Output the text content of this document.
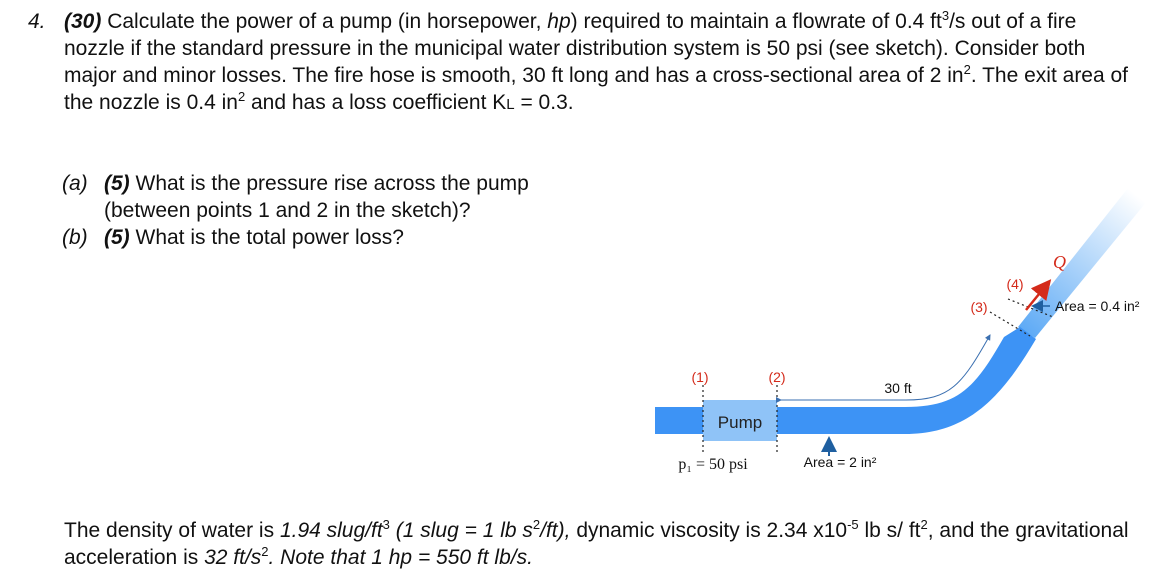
4. (30) Calculate the power of a pump (in horsepower, hp) required to maintain a flowrate of 0.4 $ft^3/s$ out of a fire nozzle if the standard pressure in the municipal water distribution system is 50 psi (see sketch). Consider both major and minor losses. The fire hose is smooth, 30 ft long and has a cross-sectional area of 2 $in^2$. The exit area of the nozzle is 0.4 $in^2$ and has a loss coefficient KL = 0.3.
(a) (5) What is the pressure rise across the pump
(between points 1 and 2 in the sketch)?
(b) (5) What is the total power loss?
Pump
(1)	(2)
30 ft
(3)
(4)
Q
Area = 0.4 in²
Area = 2 in²
p₁ = 50 psi
The density of water is 1.94 slug/$ft^3$ (1 slug = 1 lb $s^2/ft$), dynamic viscosity is 2.34 $x10^{-5}$ lb s/ $ft^2$, and the gravitational acceleration is 32 $ft/s^2$. Note that 1 hp = 550 ft lb/s.
